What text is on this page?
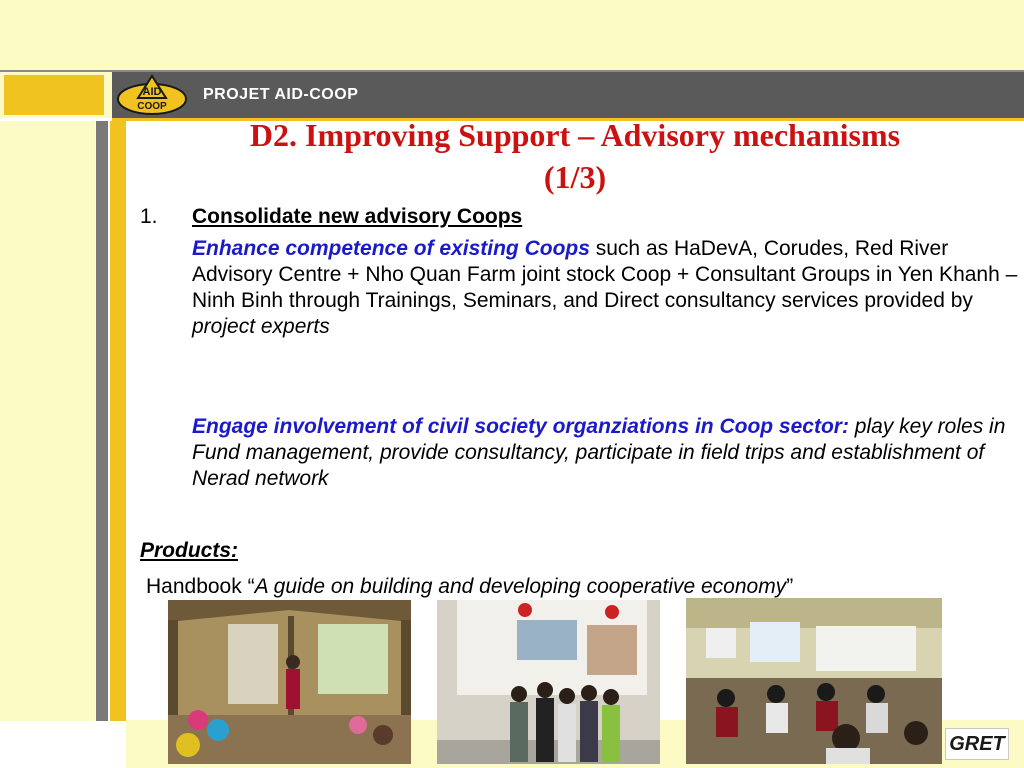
AID
COOP
PROJET AID-COOP
D2. Improving Support – Advisory mechanisms
(1/3)
1. Consolidate new advisory Coops
Enhance competence of existing Coops such as HaDevA, Corudes, Red River Advisory Centre + Nho Quan Farm joint stock Coop + Consultant Groups in Yen Khanh – Ninh Binh through Trainings, Seminars, and Direct consultancy services provided by project experts
Engage involvement of civil society organziations in Coop sector: play key roles in Fund management, provide consultancy, participate in field trips and establishment of Nerad network
Products:
Handbook “A guide on building and developing cooperative economy”
GRET
